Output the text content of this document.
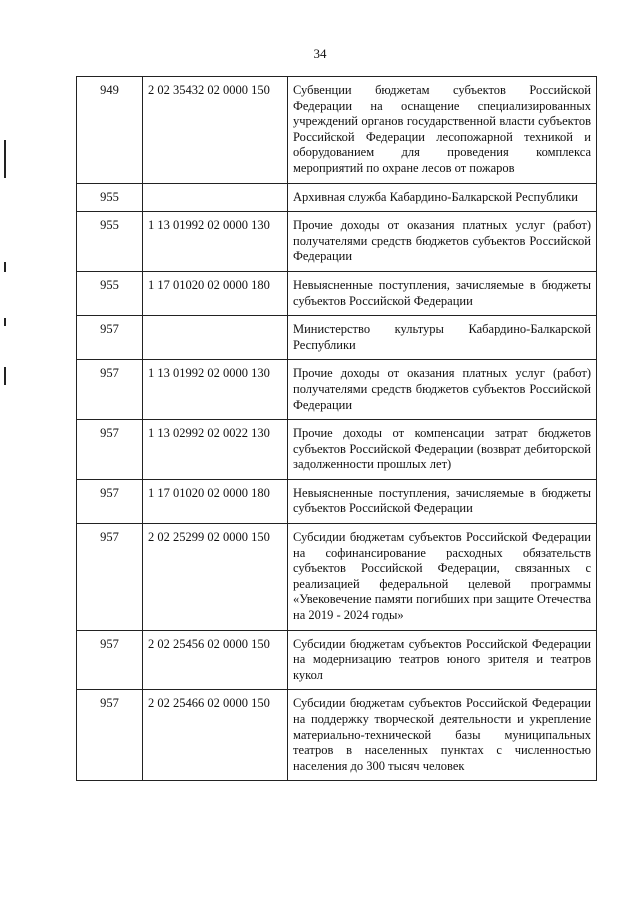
34
949	2 02 35432 02 0000 150	Субвенции бюджетам субъектов Российской Федерации на оснащение специализированных учреждений органов государственной власти субъектов Российской Федерации лесопожарной техникой и оборудованием для проведения комплекса мероприятий по охране лесов от пожаров
955		Архивная служба Кабардино-Балкарской Республики
955	1 13 01992 02 0000 130	Прочие доходы от оказания платных услуг (работ) получателями средств бюджетов субъектов Российской Федерации
955	1 17 01020 02 0000 180	Невыясненные поступления, зачисляемые в бюджеты субъектов Российской Федерации
957		Министерство культуры Кабардино-Балкарской Республики
957	1 13 01992 02 0000 130	Прочие доходы от оказания платных услуг (работ) получателями средств бюджетов субъектов Российской Федерации
957	1 13 02992 02 0022 130	Прочие доходы от компенсации затрат бюджетов субъектов Российской Федерации (возврат дебиторской задолженности прошлых лет)
957	1 17 01020 02 0000 180	Невыясненные поступления, зачисляемые в бюджеты субъектов Российской Федерации
957	2 02 25299 02 0000 150	Субсидии бюджетам субъектов Российской Федерации на софинансирование расходных обязательств субъектов Российской Федерации, связанных с реализацией федеральной целевой программы «Увековечение памяти погибших при защите Отечества на 2019 - 2024 годы»
957	2 02 25456 02 0000 150	Субсидии бюджетам субъектов Российской Федерации на модернизацию театров юного зрителя и театров кукол
957	2 02 25466 02 0000 150	Субсидии бюджетам субъектов Российской Федерации на поддержку творческой деятельности и укрепление материально-технической базы муниципальных театров в населенных пунктах с численностью населения до 300 тысяч человек
